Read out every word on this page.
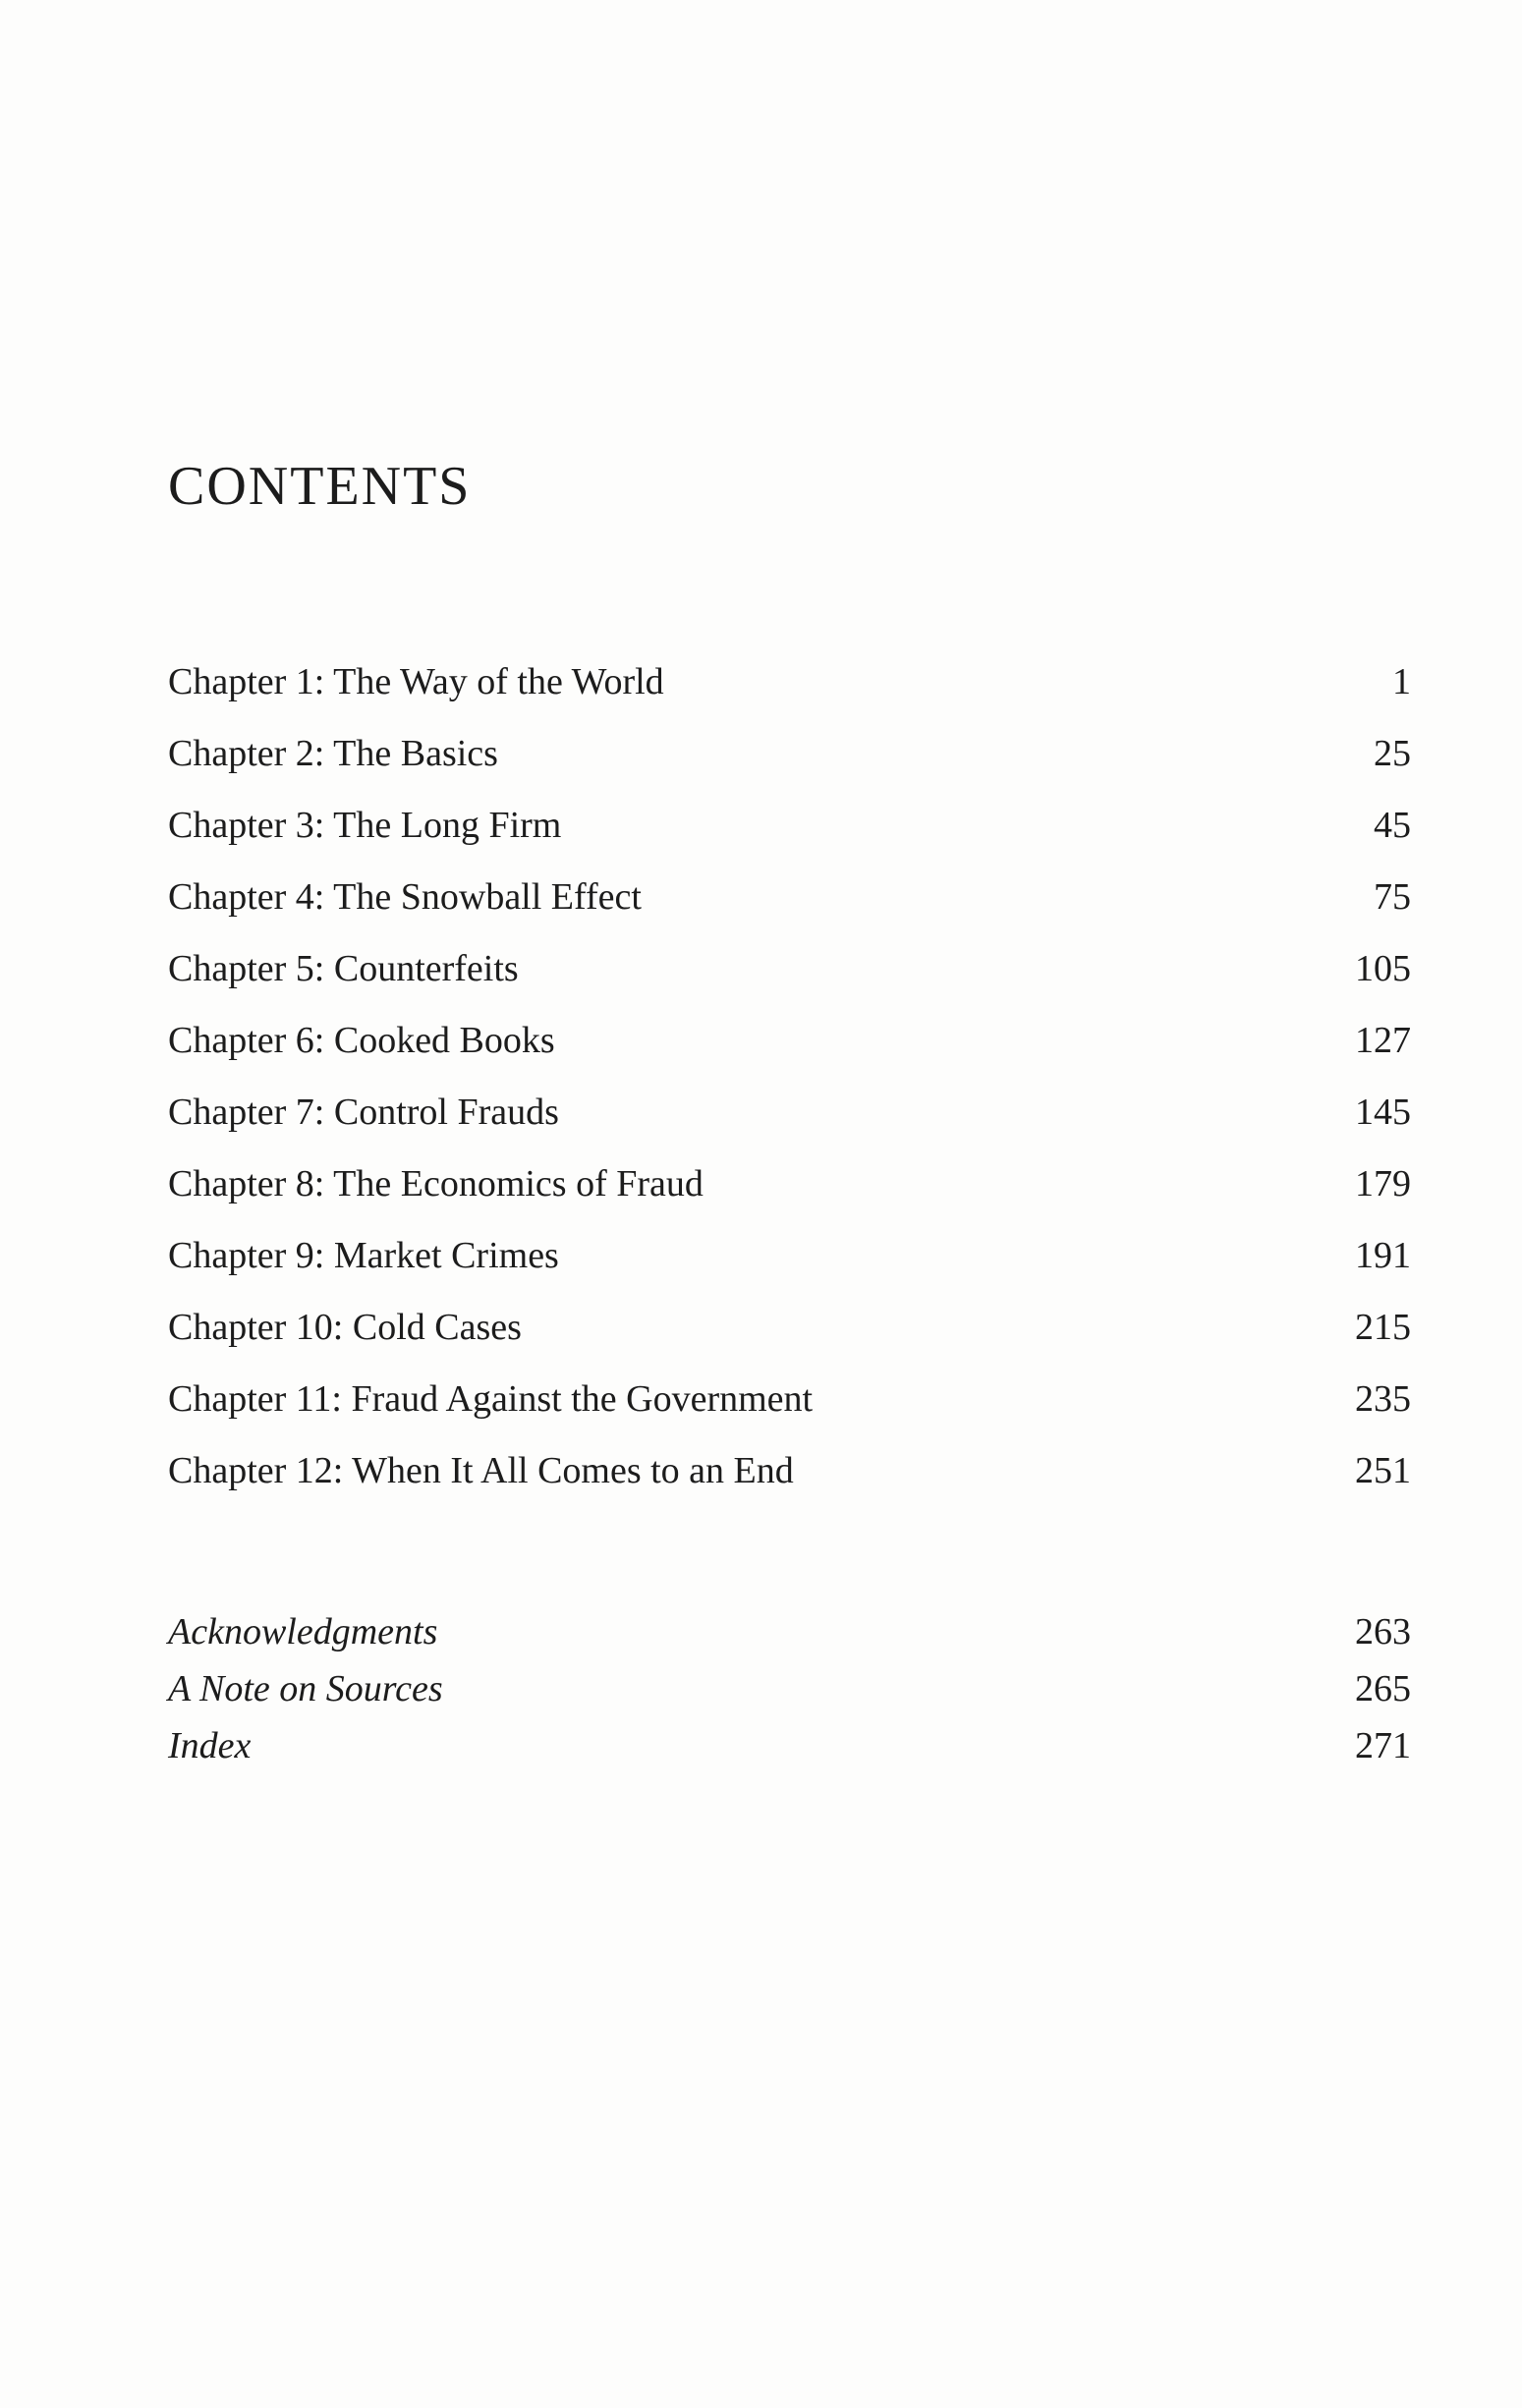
CONTENTS
Chapter 1: The Way of the World	1
Chapter 2: The Basics	25
Chapter 3: The Long Firm	45
Chapter 4: The Snowball Effect	75
Chapter 5: Counterfeits	105
Chapter 6: Cooked Books	127
Chapter 7: Control Frauds	145
Chapter 8: The Economics of Fraud	179
Chapter 9: Market Crimes	191
Chapter 10: Cold Cases	215
Chapter 11: Fraud Against the Government	235
Chapter 12: When It All Comes to an End	251
Acknowledgments	263
A Note on Sources	265
Index	271
